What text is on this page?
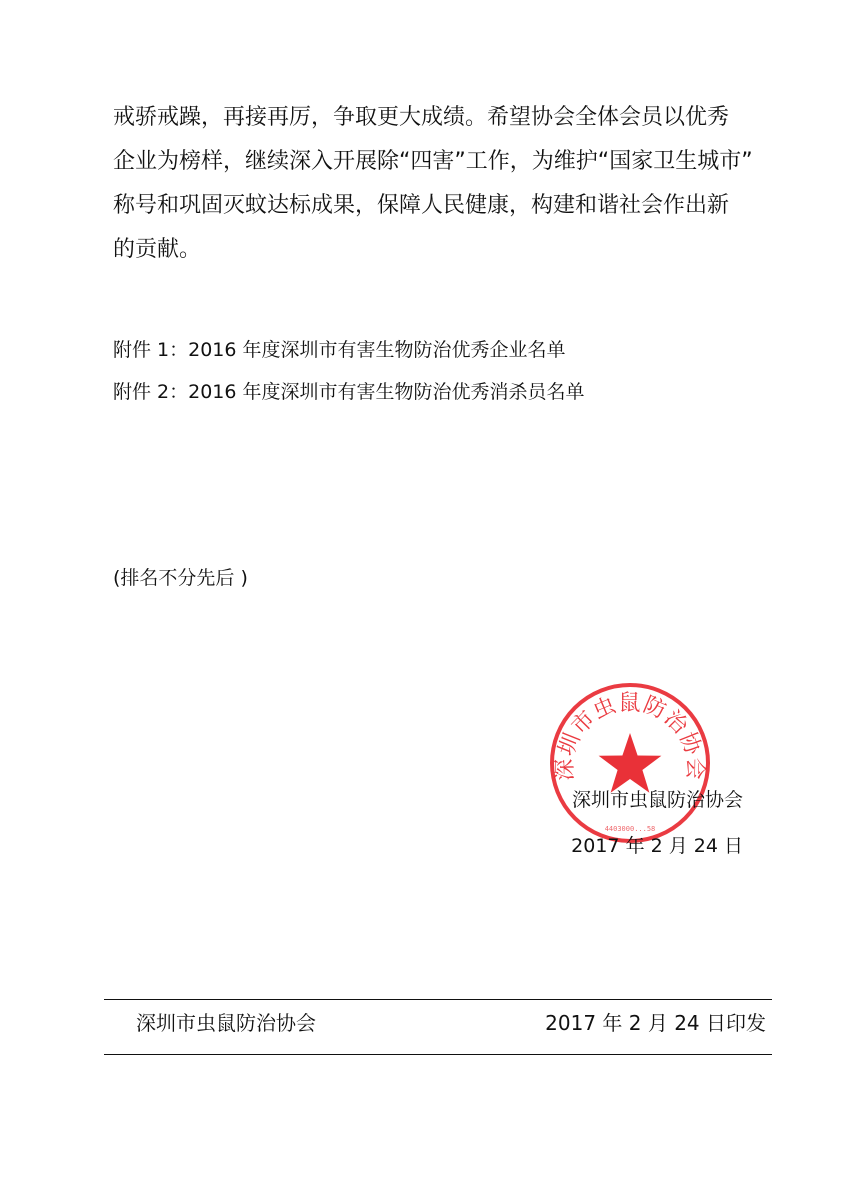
戒骄戒躁，再接再厉，争取更大成绩。希望协会全体会员以优秀
企业为榜样，继续深入开展除“四害”工作，为维护“国家卫生城市”
称号和巩固灭蚊达标成果，保障人民健康，构建和谐社会作出新
的贡献。
附件 1：2016 年度深圳市有害生物防治优秀企业名单
附件 2：2016 年度深圳市有害生物防治优秀消杀员名单
(排名不分先后 )
深圳市虫鼠防治协会
4403000...58
深圳市虫鼠防治协会
2017 年 2 月 24 日
深圳市虫鼠防治协会	2017 年 2 月 24 日印发
